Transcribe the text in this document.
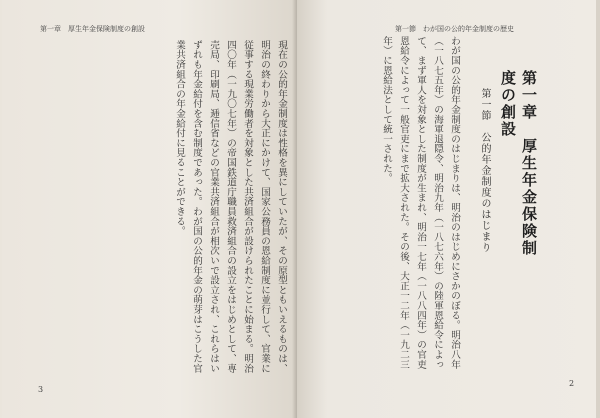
第一章　厚生年金保険制度の創設
現在の公的年金制度は性格を異にしていたが、その原型ともいえるものは、明治の終わりから大正にかけて、国家公務員の恩給制度に並行して、官業に従事する現業労働者を対象とした共済組合が設けられたことに始まる。明治四〇年（一九〇七年）の帝国鉄道庁職員救済組合の設立をはじめとして、専売局、印刷局、逓信省などの官業共済組合が相次いで設立され、これらはいずれも年金給付を含む制度であった。わが国の公的年金の萌芽はこうした官業共済組合の年金給付に見ることができる。
3
第一節　わが国の公的年金制度の歴史
第一章　厚生年金保険制度の創設
第一節　公的年金制度のはじまり
わが国の公的年金制度のはじまりは、明治のはじめにさかのぼる。明治八年（一八七五年）の海軍退隠令、明治九年（一八七六年）の陸軍恩給令によって、まず軍人を対象とした制度が生まれ、明治一七年（一八八四年）の官吏恩給令によって一般官吏にまで拡大された。その後、大正一二年（一九二三年）に恩給法として統一された。
2
